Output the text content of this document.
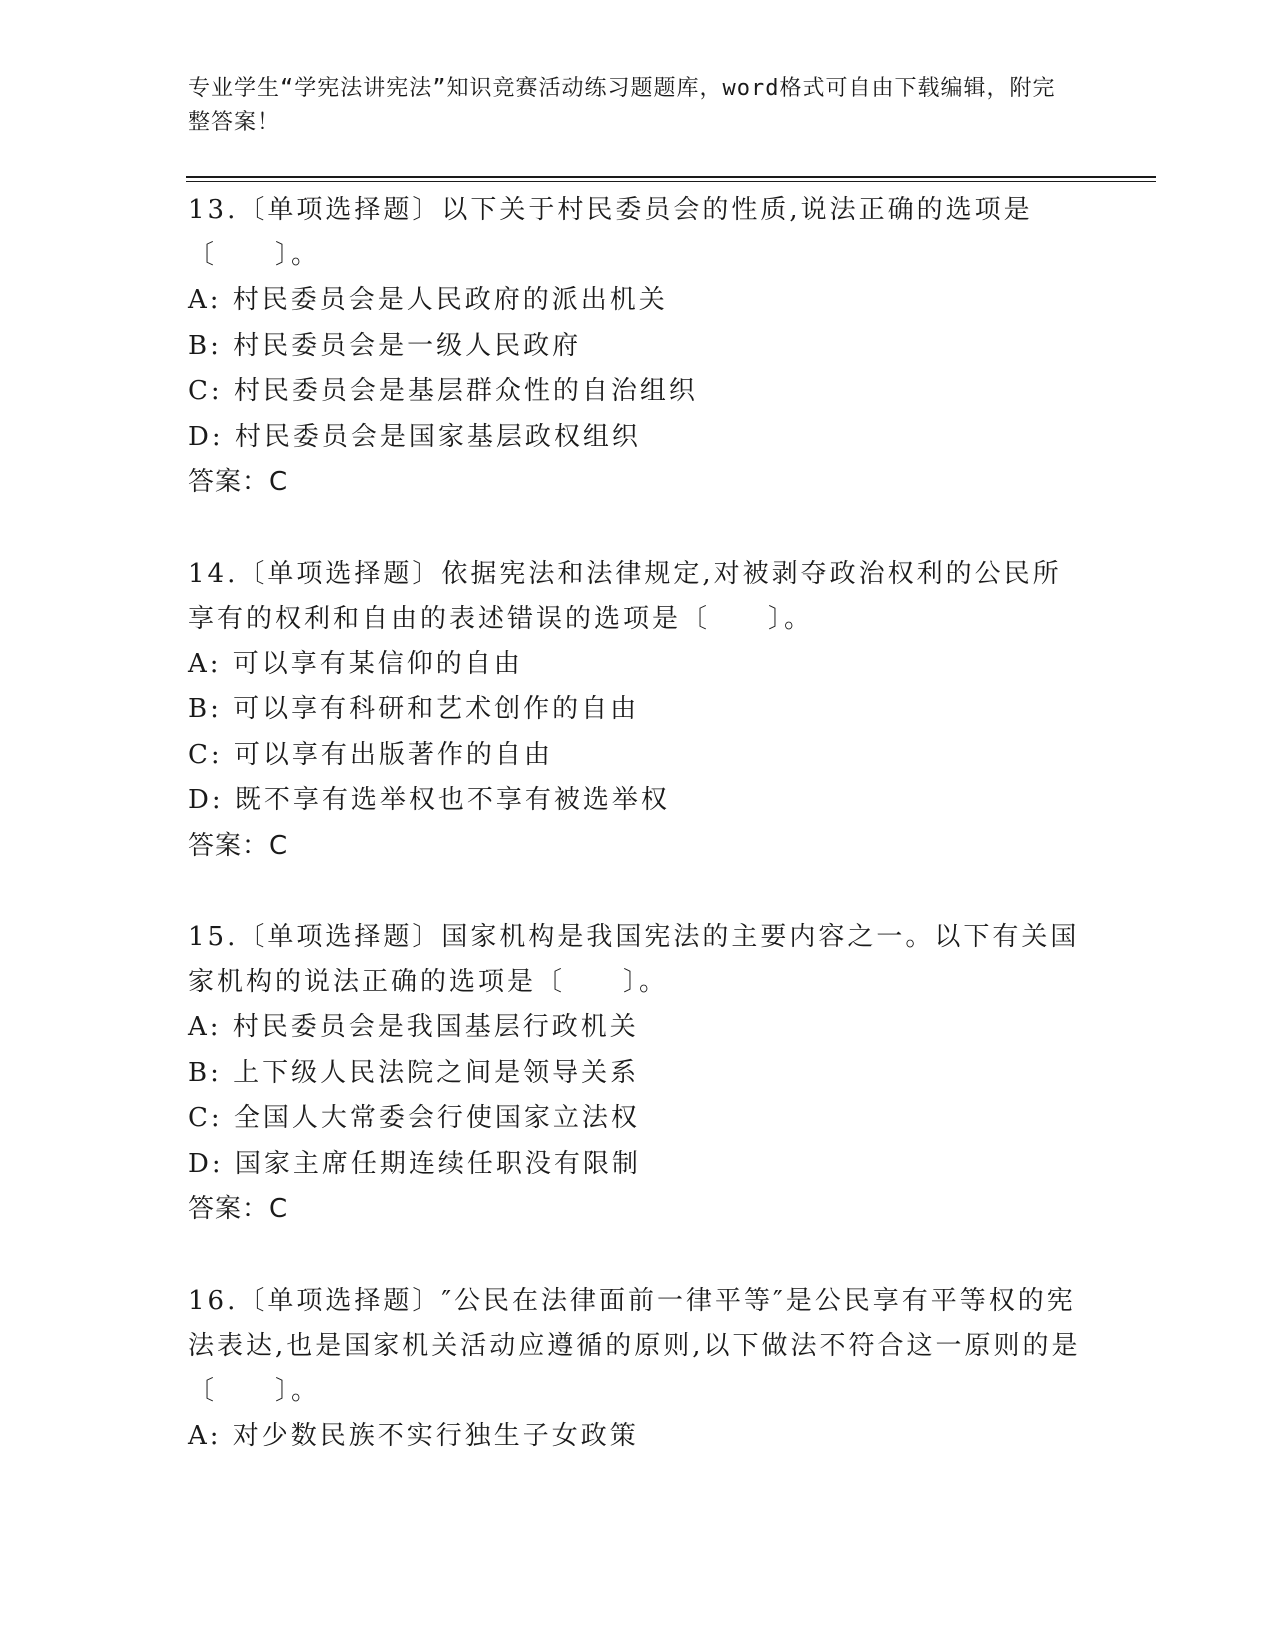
专业学生“学宪法讲宪法”知识竞赛活动练习题题库，word格式可自由下载编辑，附完整答案！

13.〔单项选择题〕以下关于村民委员会的性质,说法正确的选项是〔　　〕。

A: 村民委员会是人民政府的派出机关

B: 村民委员会是一级人民政府

C: 村民委员会是基层群众性的自治组织

D: 村民委员会是国家基层政权组织

答案：C

14.〔单项选择题〕依据宪法和法律规定,对被剥夺政治权利的公民所享有的权利和自由的表述错误的选项是〔　　〕。

A: 可以享有某信仰的自由

B: 可以享有科研和艺术创作的自由

C: 可以享有出版著作的自由

D: 既不享有选举权也不享有被选举权

答案：C

15.〔单项选择题〕国家机构是我国宪法的主要内容之一。以下有关国家机构的说法正确的选项是〔　　〕。

A: 村民委员会是我国基层行政机关

B: 上下级人民法院之间是领导关系

C: 全国人大常委会行使国家立法权

D: 国家主席任期连续任职没有限制

答案：C

16.〔单项选择题〕″公民在法律面前一律平等″是公民享有平等权的宪法表达,也是国家机关活动应遵循的原则,以下做法不符合这一原则的是〔　　〕。

A: 对少数民族不实行独生子女政策
